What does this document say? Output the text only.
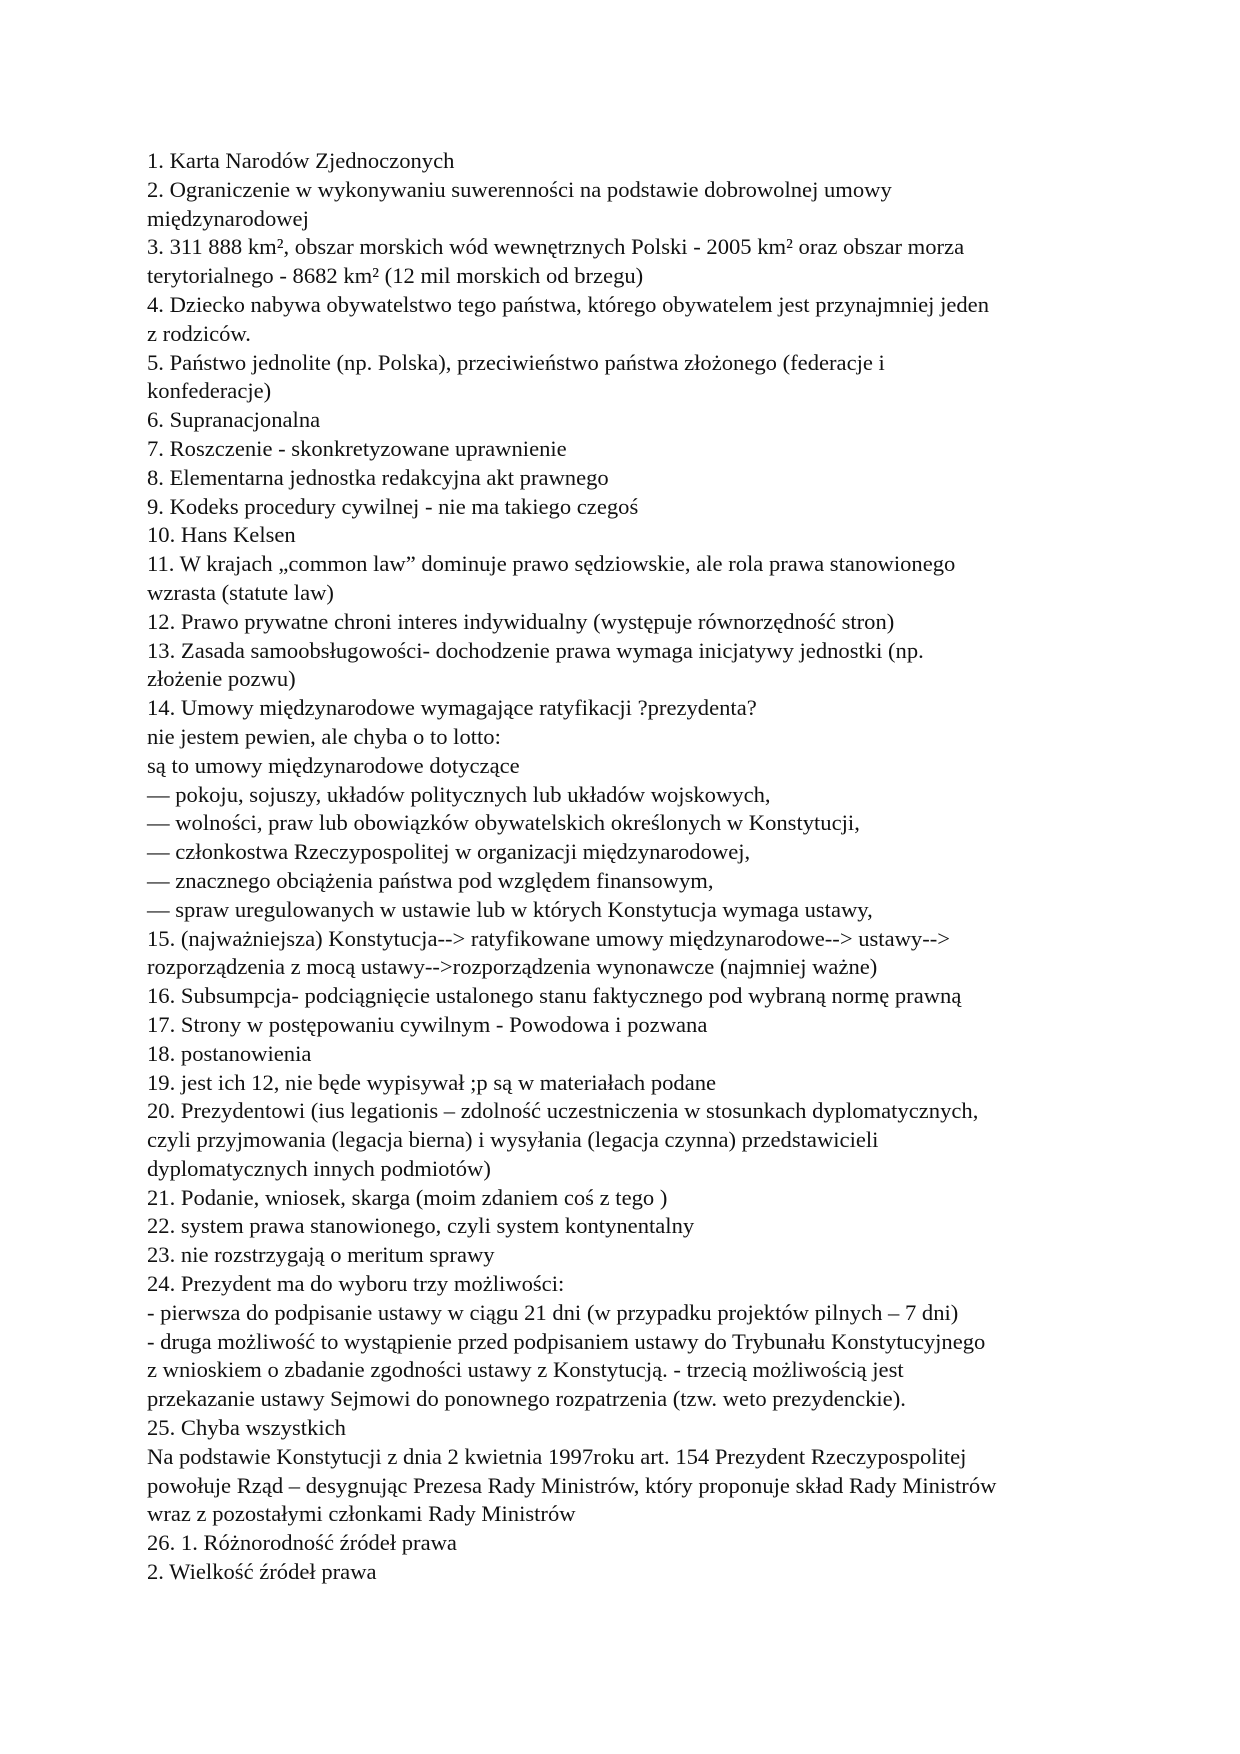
1. Karta Narodów Zjednoczonych
2. Ograniczenie w wykonywaniu suwerenności na podstawie dobrowolnej umowy
międzynarodowej
3. 311 888 km², obszar morskich wód wewnętrznych Polski - 2005 km² oraz obszar morza
terytorialnego - 8682 km² (12 mil morskich od brzegu)
4. Dziecko nabywa obywatelstwo tego państwa, którego obywatelem jest przynajmniej jeden
z rodziców.
5. Państwo jednolite (np. Polska), przeciwieństwo państwa złożonego (federacje i
konfederacje)
6. Supranacjonalna
7. Roszczenie - skonkretyzowane uprawnienie
8. Elementarna jednostka redakcyjna akt prawnego
9. Kodeks procedury cywilnej - nie ma takiego czegoś
10. Hans Kelsen
11. W krajach „common law” dominuje prawo sędziowskie, ale rola prawa stanowionego
wzrasta (statute law)
12. Prawo prywatne chroni interes indywidualny (występuje równorzędność stron)
13. Zasada samoobsługowości- dochodzenie prawa wymaga inicjatywy jednostki (np.
złożenie pozwu)
14. Umowy międzynarodowe wymagające ratyfikacji ?prezydenta?
nie jestem pewien, ale chyba o to lotto:
są to umowy międzynarodowe dotyczące
— pokoju, sojuszy, układów politycznych lub układów wojskowych,
— wolności, praw lub obowiązków obywatelskich określonych w Konstytucji,
— członkostwa Rzeczypospolitej w organizacji międzynarodowej,
— znacznego obciążenia państwa pod względem finansowym,
— spraw uregulowanych w ustawie lub w których Konstytucja wymaga ustawy,
15. (najważniejsza) Konstytucja--> ratyfikowane umowy międzynarodowe--> ustawy-->
rozporządzenia z mocą ustawy-->rozporządzenia wynonawcze (najmniej ważne)
16. Subsumpcja- podciągnięcie ustalonego stanu faktycznego pod wybraną normę prawną
17. Strony w postępowaniu cywilnym - Powodowa i pozwana
18. postanowienia
19. jest ich 12, nie będe wypisywał ;p są w materiałach podane
20. Prezydentowi (ius legationis – zdolność uczestniczenia w stosunkach dyplomatycznych,
czyli przyjmowania (legacja bierna) i wysyłania (legacja czynna) przedstawicieli
dyplomatycznych innych podmiotów)
21. Podanie, wniosek, skarga (moim zdaniem coś z tego )
22. system prawa stanowionego, czyli system kontynentalny
23. nie rozstrzygają o meritum sprawy
24. Prezydent ma do wyboru trzy możliwości:
- pierwsza do podpisanie ustawy w ciągu 21 dni (w przypadku projektów pilnych – 7 dni)
- druga możliwość to wystąpienie przed podpisaniem ustawy do Trybunału Konstytucyjnego
z wnioskiem o zbadanie zgodności ustawy z Konstytucją. - trzecią możliwością jest
przekazanie ustawy Sejmowi do ponownego rozpatrzenia (tzw. weto prezydenckie).
25. Chyba wszystkich
Na podstawie Konstytucji z dnia 2 kwietnia 1997roku art. 154 Prezydent Rzeczypospolitej
powołuje Rząd – desygnując Prezesa Rady Ministrów, który proponuje skład Rady Ministrów
wraz z pozostałymi członkami Rady Ministrów
26. 1. Różnorodność źródeł prawa
2. Wielkość źródeł prawa
